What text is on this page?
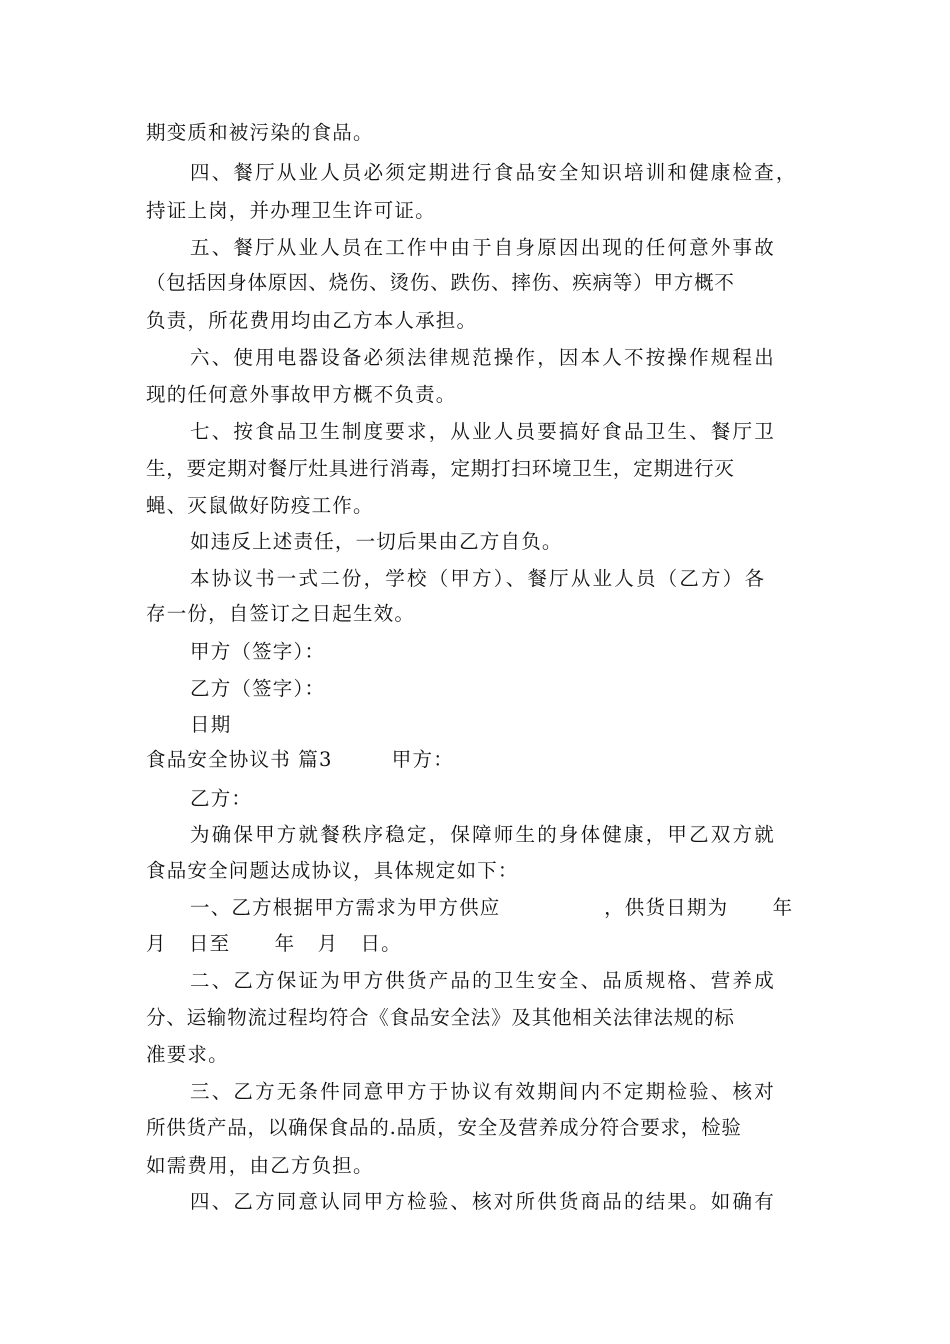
期变质和被污染的食品。
四、餐厅从业人员必须定期进行食品安全知识培训和健康检查，
持证上岗，并办理卫生许可证。
五、餐厅从业人员在工作中由于自身原因出现的任何意外事故
（包括因身体原因、烧伤、烫伤、跌伤、摔伤、疾病等）甲方概不
负责，所花费用均由乙方本人承担。
六、使用电器设备必须法律规范操作，因本人不按操作规程出
现的任何意外事故甲方概不负责。
七、按食品卫生制度要求，从业人员要搞好食品卫生、餐厅卫
生，要定期对餐厅灶具进行消毒，定期打扫环境卫生，定期进行灭
蝇、灭鼠做好防疫工作。
如违反上述责任，一切后果由乙方自负。
本协议书一式二份，学校（甲方）、餐厅从业人员（乙方）各
存一份，自签订之日起生效。
甲方（签字）：
乙方（签字）：
日期
食品安全协议书 篇3        甲方：
乙方：
为确保甲方就餐秩序稳定，保障师生的身体健康，甲乙双方就
食品安全问题达成协议，具体规定如下：
一、乙方根据甲方需求为甲方供应              ，供货日期为      年
月   日至      年   月   日。
二、乙方保证为甲方供货产品的卫生安全、品质规格、营养成
分、运输物流过程均符合《食品安全法》及其他相关法律法规的标
准要求。
三、乙方无条件同意甲方于协议有效期间内不定期检验、核对
所供货产品，以确保食品的.品质，安全及营养成分符合要求，检验
如需费用，由乙方负担。
四、乙方同意认同甲方检验、核对所供货商品的结果。如确有
